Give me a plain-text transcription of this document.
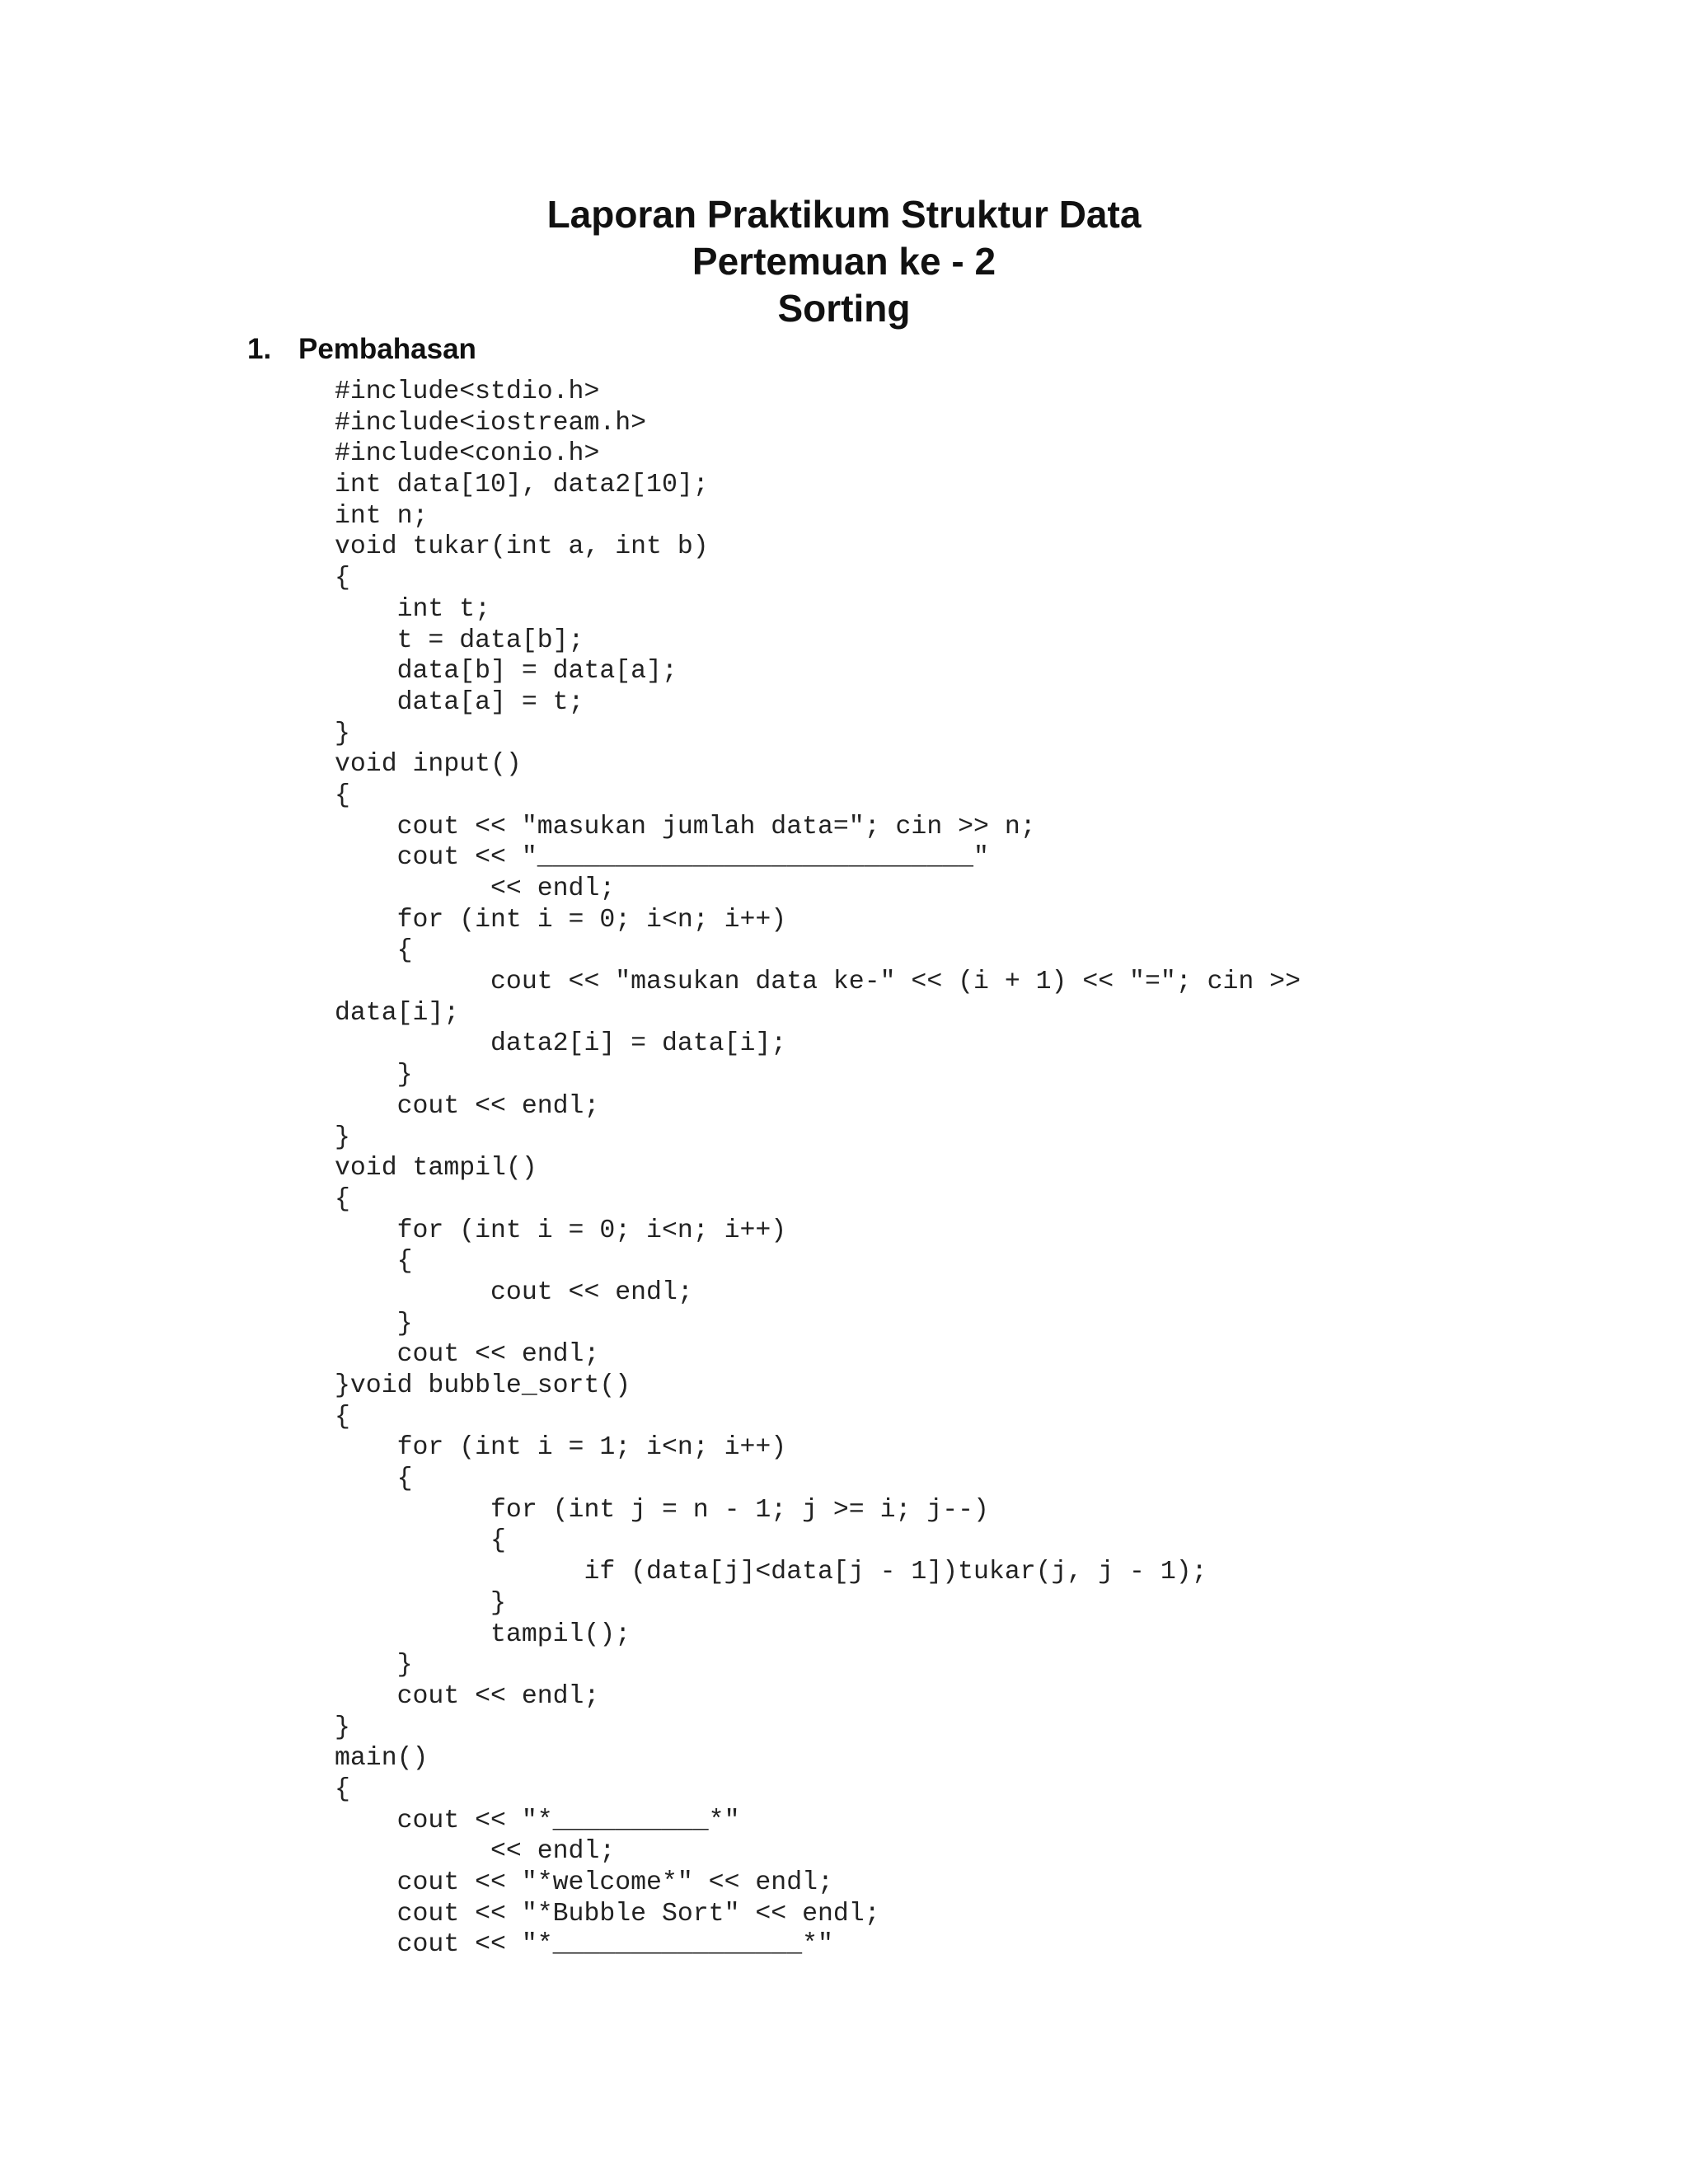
Laporan Praktikum Struktur Data
Pertemuan ke - 2
Sorting
1. Pembahasan
#include<stdio.h>
#include<iostream.h>
#include<conio.h>
int data[10], data2[10];
int n;
void tukar(int a, int b)
{
int t;
t = data[b];
data[b] = data[a];
data[a] = t;
}
void input()
{
cout << "masukan jumlah data="; cin >> n;
cout << "____________________________"
<< endl;
for (int i = 0; i<n; i++)
{
cout << "masukan data ke-" << (i + 1) << "="; cin >>
data[i];
data2[i] = data[i];
}
cout << endl;
}
void tampil()
{
for (int i = 0; i<n; i++)
{
cout << endl;
}
cout << endl;
}void bubble_sort()
{
for (int i = 1; i<n; i++)
{
for (int j = n - 1; j >= i; j--)
{
if (data[j]<data[j - 1])tukar(j, j - 1);
}
tampil();
}
cout << endl;
}
main()
{
cout << "*__________*"
<< endl;
cout << "*welcome*" << endl;
cout << "*Bubble Sort" << endl;
cout << "*________________*"
